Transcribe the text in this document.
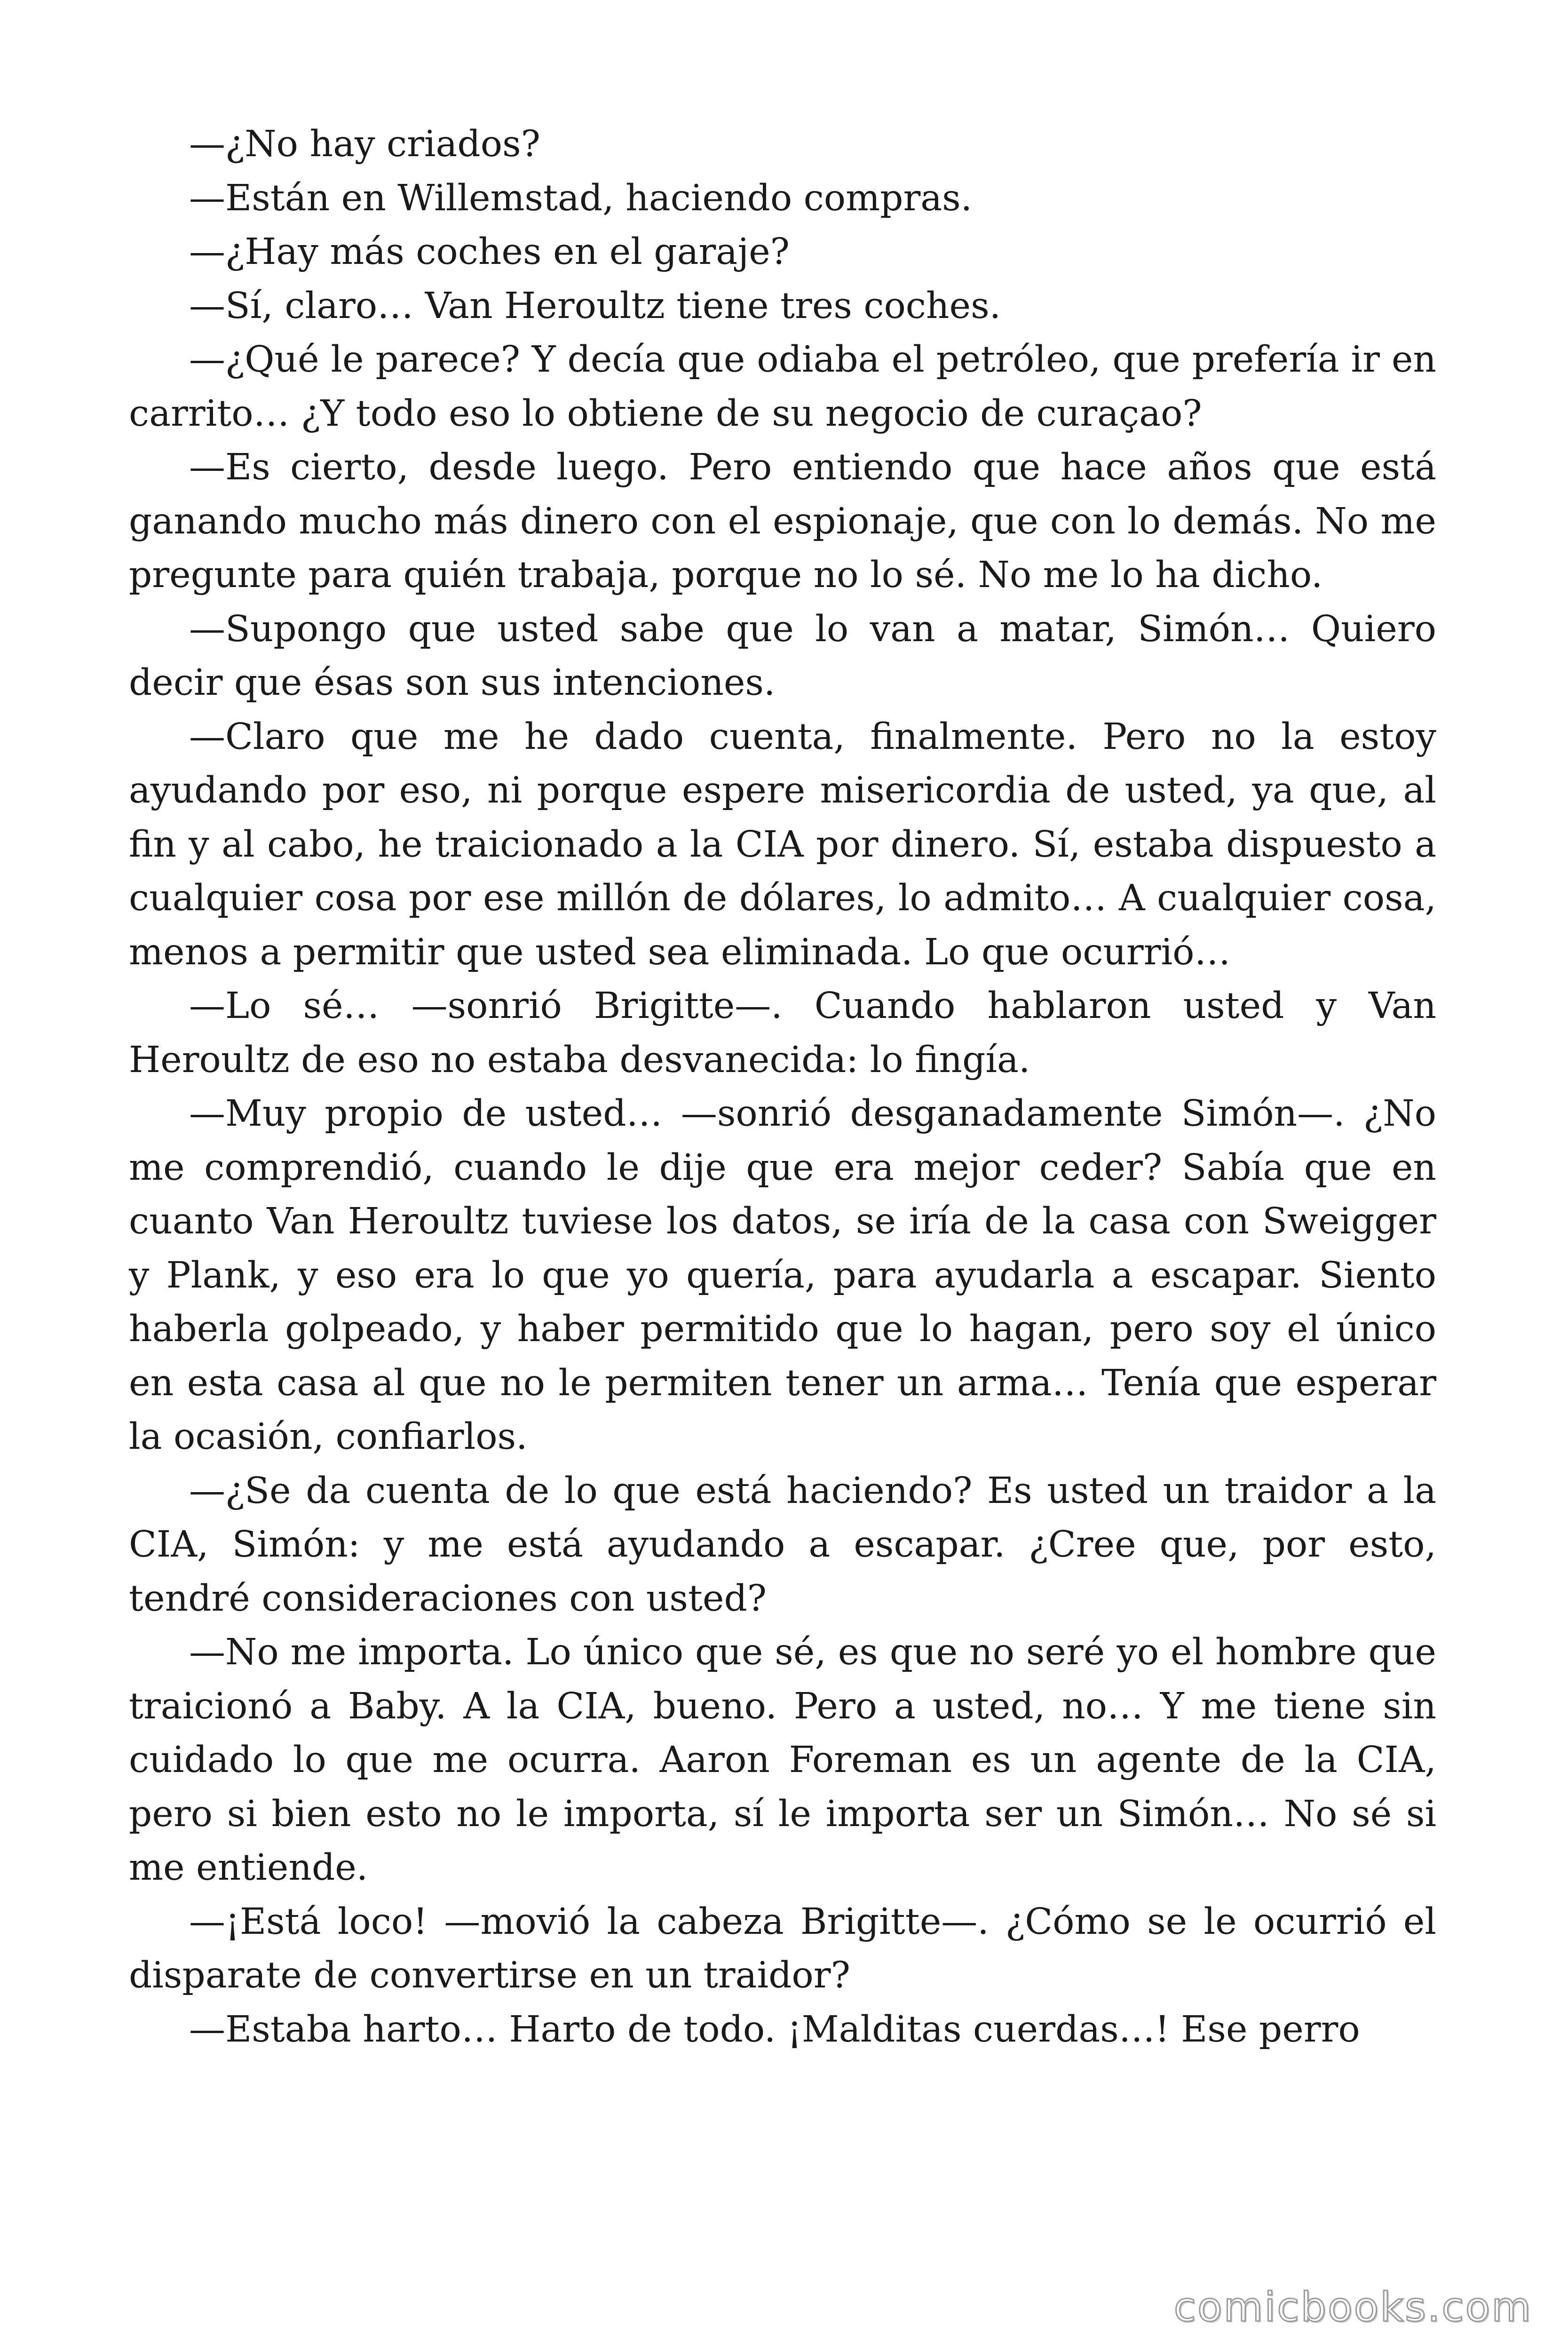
—¿No hay criados?

—Están en Willemstad, haciendo compras.

—¿Hay más coches en el garaje?

—Sí, claro… Van Heroultz tiene tres coches.

—¿Qué le parece? Y decía que odiaba el petróleo, que prefería ir en carrito… ¿Y todo eso lo obtiene de su negocio de curaçao?

—Es cierto, desde luego. Pero entiendo que hace años que está ganando mucho más dinero con el espionaje, que con lo demás. No me pregunte para quién trabaja, porque no lo sé. No me lo ha dicho.

—Supongo que usted sabe que lo van a matar, Simón… Quiero decir que ésas son sus intenciones.

—Claro que me he dado cuenta, finalmente. Pero no la estoy ayudando por eso, ni porque espere misericordia de usted, ya que, al fin y al cabo, he traicionado a la CIA por dinero. Sí, estaba dispuesto a cualquier cosa por ese millón de dólares, lo admito… A cualquier cosa, menos a permitir que usted sea eliminada. Lo que ocurrió…

—Lo sé… —sonrió Brigitte—. Cuando hablaron usted y Van Heroultz de eso no estaba desvanecida: lo fingía.

—Muy propio de usted… —sonrió desganadamente Simón—. ¿No me comprendió, cuando le dije que era mejor ceder? Sabía que en cuanto Van Heroultz tuviese los datos, se iría de la casa con Sweigger y Plank, y eso era lo que yo quería, para ayudarla a escapar. Siento haberla golpeado, y haber permitido que lo hagan, pero soy el único en esta casa al que no le permiten tener un arma… Tenía que esperar la ocasión, confiarlos.

—¿Se da cuenta de lo que está haciendo? Es usted un traidor a la CIA, Simón: y me está ayudando a escapar. ¿Cree que, por esto, tendré consideraciones con usted?

—No me importa. Lo único que sé, es que no seré yo el hombre que traicionó a Baby. A la CIA, bueno. Pero a usted, no… Y me tiene sin cuidado lo que me ocurra. Aaron Foreman es un agente de la CIA, pero si bien esto no le importa, sí le importa ser un Simón… No sé si me entiende.

—¡Está loco! —movió la cabeza Brigitte—. ¿Cómo se le ocurrió el disparate de convertirse en un traidor?

—Estaba harto… Harto de todo. ¡Malditas cuerdas…! Ese perro

comicbooks.com
